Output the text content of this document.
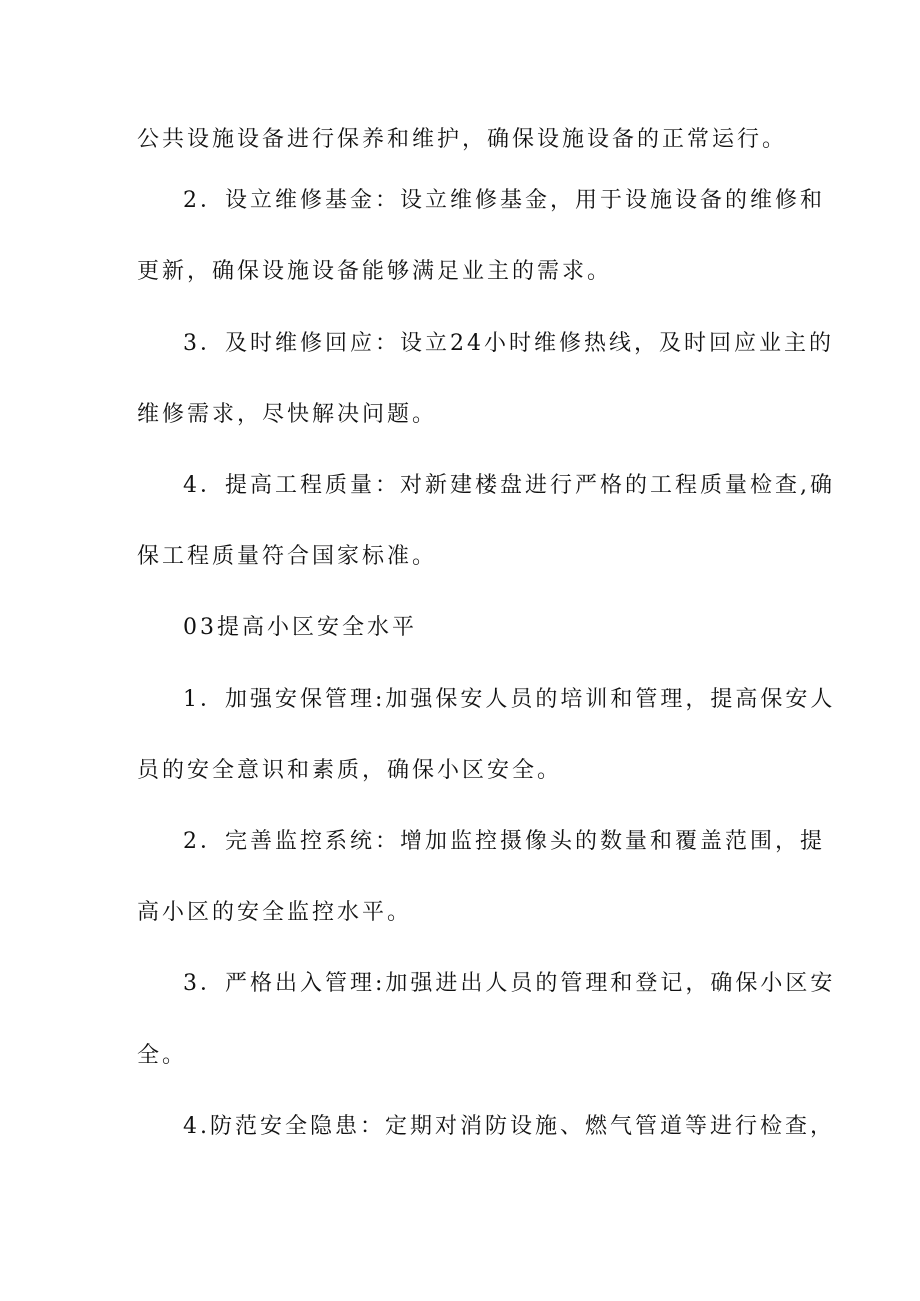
公共设施设备进行保养和维护，确保设施设备的正常运行。
2．设立维修基金：设立维修基金，用于设施设备的维修和
更新，确保设施设备能够满足业主的需求。
3．及时维修回应：设立24小时维修热线，及时回应业主的
维修需求，尽快解决问题。
4．提高工程质量：对新建楼盘进行严格的工程质量检查,确
保工程质量符合国家标准。
03提高小区安全水平
1．加强安保管理:加强保安人员的培训和管理，提高保安人
员的安全意识和素质，确保小区安全。
2．完善监控系统：增加监控摄像头的数量和覆盖范围，提
高小区的安全监控水平。
3．严格出入管理:加强进出人员的管理和登记，确保小区安
全。
4.防范安全隐患：定期对消防设施、燃气管道等进行检查，
